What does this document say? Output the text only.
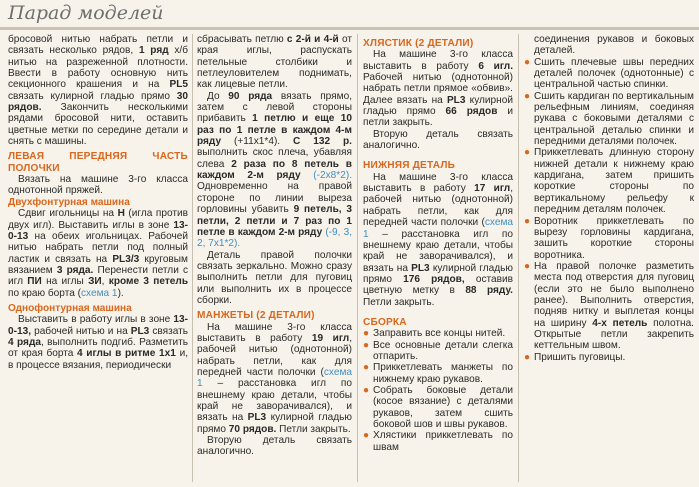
Парад моделей

бросовой нитью набрать петли и связать несколько рядов, 1 ряд х/б нитью на разреженной плотности. Ввести в работу основную нить секционного крашения и на PL5 связать кулирной гладью прямо 30 рядов. Закончить несколькими рядами бросовой нити, оставить цветные метки по середине детали и снять с машины.

ЛЕВАЯ ПЕРЕДНЯЯ ЧАСТЬ ПОЛОЧКИ

Вязать на машине 3-го класса однотонной пряжей.

Двухфонтурная машина

Сдвиг игольницы на Н (игла против двух игл). Выставить иглы в зоне 13-0-13 на обеих игольницах. Рабочей нитью набрать петли под полный ластик и связать на PL3/3 круговым вязанием 3 ряда. Перенести петли с игл ПИ на иглы ЗИ, кроме 3 петель по краю борта (схема 1).

Однофонтурная машина

Выставить в работу иглы в зоне 13-0-13, рабочей нитью и на PL3 связать 4 ряда, выполнить подгиб. Разметить от края борта 4 иглы в ритме 1х1 и, в процессе вязания, периодически

сбрасывать петлю с 2-й и 4-й от края иглы, распускать петельные столбики и петлеуловителем поднимать, как лицевые петли.

До 90 ряда вязать прямо, затем с левой стороны прибавить 1 петлю и еще 10 раз по 1 петле в каждом 4-м ряду (+11х1*4). С 132 р. выполнить скос плеча, убавляя слева 2 раза по 8 петель в каждом 2-м ряду (-2х8*2). Одновременно на правой стороне по линии выреза горловины убавить 9 петель, 3 петли, 2 петли и 7 раз по 1 петле в каждом 2-м ряду (-9, 3, 2, 7х1*2).

Деталь правой полочки связать зеркально. Можно сразу выполнить петли для пуговиц или выполнить их в процессе сборки.

МАНЖЕТЫ (2 ДЕТАЛИ)

На машине 3-го класса выставить в работу 19 игл, рабочей нитью (однотонной) набрать петли, как для передней части полочки (схема 1 – расстановка игл по внешнему краю детали, чтобы край не заворачивался), и вязать на PL3 кулирной гладью прямо 70 рядов. Петли закрыть.

Вторую деталь связать аналогично.

ХЛЯСТИК (2 ДЕТАЛИ)

На машине 3-го класса выставить в работу 6 игл. Рабочей нитью (однотонной) набрать петли прямое «обвив». Далее вязать на PL3 кулирной гладью прямо 66 рядов и петли закрыть.

Вторую деталь связать аналогично.

НИЖНЯЯ ДЕТАЛЬ

На машине 3-го класса выставить в работу 17 игл, рабочей нитью (однотонной) набрать петли, как для передней части полочки (схема 1 – расстановка игл по внешнему краю детали, чтобы край не заворачивался), и вязать на PL3 кулирной гладью прямо 176 рядов, оставив цветную метку в 88 ряду. Петли закрыть.

СБОРКА

● Заправить все концы нитей.
● Все основные детали слегка отпарить.
● Приккетлевать манжеты по нижнему краю рукавов.
● Собрать боковые детали (косое вязание) с деталями рукавов, затем сшить боковой шов и швы рукавов.
● Хлястики приккетлевать по швам

соединения рукавов и боковых деталей.

● Сшить плечевые швы передних деталей полочек (однотонные) с центральной частью спинки.
● Сшить кардиган по вертикальным рельефным линиям, соединяя рукава с боковыми деталями с центральной деталью спинки и передними деталями полочек.
● Приккетлевать длинную сторону нижней детали к нижнему краю кардигана, затем пришить короткие стороны по вертикальному рельефу к передним деталям полочек.
● Воротник приккетлевать по вырезу горловины кардигана, зашить короткие стороны воротника.
● На правой полочке разметить места под отверстия для пуговиц (если это не было выполнено ранее). Выполнить отверстия, подняв нитку и выплетая концы на ширину 4-х петель полотна. Открытые петли закрепить кеттельным швом.
● Пришить пуговицы.
